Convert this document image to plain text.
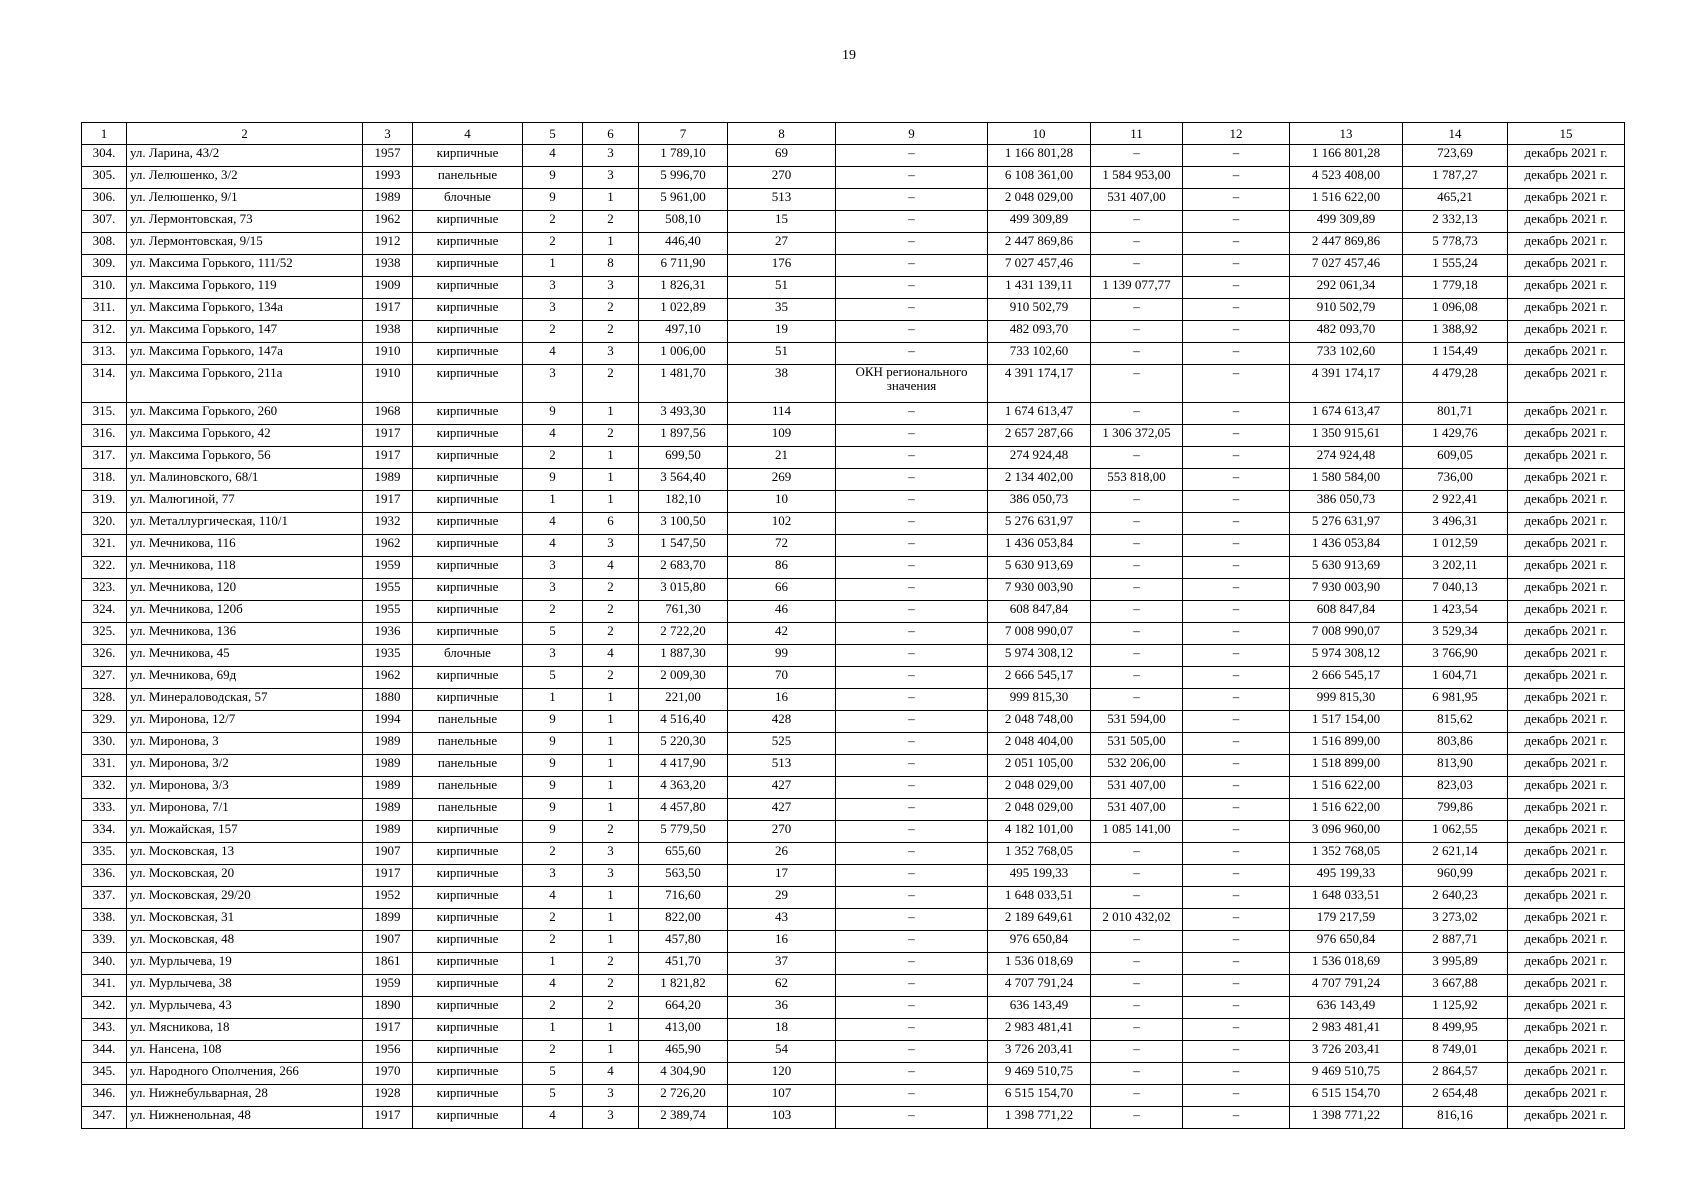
19
1	2	3	4	5	6	7	8	9	10	11	12	13	14	15
304.	ул. Ларина, 43/2	1957	кирпичные	4	3	1 789,10	69	–	1 166 801,28	–	–	1 166 801,28	723,69	декабрь 2021 г.
305.	ул. Лелюшенко, 3/2	1993	панельные	9	3	5 996,70	270	–	6 108 361,00	1 584 953,00	–	4 523 408,00	1 787,27	декабрь 2021 г.
306.	ул. Лелюшенко, 9/1	1989	блочные	9	1	5 961,00	513	–	2 048 029,00	531 407,00	–	1 516 622,00	465,21	декабрь 2021 г.
307.	ул. Лермонтовская, 73	1962	кирпичные	2	2	508,10	15	–	499 309,89	–	–	499 309,89	2 332,13	декабрь 2021 г.
308.	ул. Лермонтовская, 9/15	1912	кирпичные	2	1	446,40	27	–	2 447 869,86	–	–	2 447 869,86	5 778,73	декабрь 2021 г.
309.	ул. Максима Горького, 111/52	1938	кирпичные	1	8	6 711,90	176	–	7 027 457,46	–	–	7 027 457,46	1 555,24	декабрь 2021 г.
310.	ул. Максима Горького, 119	1909	кирпичные	3	3	1 826,31	51	–	1 431 139,11	1 139 077,77	–	292 061,34	1 779,18	декабрь 2021 г.
311.	ул. Максима Горького, 134а	1917	кирпичные	3	2	1 022,89	35	–	910 502,79	–	–	910 502,79	1 096,08	декабрь 2021 г.
312.	ул. Максима Горького, 147	1938	кирпичные	2	2	497,10	19	–	482 093,70	–	–	482 093,70	1 388,92	декабрь 2021 г.
313.	ул. Максима Горького, 147а	1910	кирпичные	4	3	1 006,00	51	–	733 102,60	–	–	733 102,60	1 154,49	декабрь 2021 г.
314.	ул. Максима Горького, 211а	1910	кирпичные	3	2	1 481,70	38	ОКН регионального значения	4 391 174,17	–	–	4 391 174,17	4 479,28	декабрь 2021 г.
315.	ул. Максима Горького, 260	1968	кирпичные	9	1	3 493,30	114	–	1 674 613,47	–	–	1 674 613,47	801,71	декабрь 2021 г.
316.	ул. Максима Горького, 42	1917	кирпичные	4	2	1 897,56	109	–	2 657 287,66	1 306 372,05	–	1 350 915,61	1 429,76	декабрь 2021 г.
317.	ул. Максима Горького, 56	1917	кирпичные	2	1	699,50	21	–	274 924,48	–	–	274 924,48	609,05	декабрь 2021 г.
318.	ул. Малиновского, 68/1	1989	кирпичные	9	1	3 564,40	269	–	2 134 402,00	553 818,00	–	1 580 584,00	736,00	декабрь 2021 г.
319.	ул. Малюгиной, 77	1917	кирпичные	1	1	182,10	10	–	386 050,73	–	–	386 050,73	2 922,41	декабрь 2021 г.
320.	ул. Металлургическая, 110/1	1932	кирпичные	4	6	3 100,50	102	–	5 276 631,97	–	–	5 276 631,97	3 496,31	декабрь 2021 г.
321.	ул. Мечникова, 116	1962	кирпичные	4	3	1 547,50	72	–	1 436 053,84	–	–	1 436 053,84	1 012,59	декабрь 2021 г.
322.	ул. Мечникова, 118	1959	кирпичные	3	4	2 683,70	86	–	5 630 913,69	–	–	5 630 913,69	3 202,11	декабрь 2021 г.
323.	ул. Мечникова, 120	1955	кирпичные	3	2	3 015,80	66	–	7 930 003,90	–	–	7 930 003,90	7 040,13	декабрь 2021 г.
324.	ул. Мечникова, 120б	1955	кирпичные	2	2	761,30	46	–	608 847,84	–	–	608 847,84	1 423,54	декабрь 2021 г.
325.	ул. Мечникова, 136	1936	кирпичные	5	2	2 722,20	42	–	7 008 990,07	–	–	7 008 990,07	3 529,34	декабрь 2021 г.
326.	ул. Мечникова, 45	1935	блочные	3	4	1 887,30	99	–	5 974 308,12	–	–	5 974 308,12	3 766,90	декабрь 2021 г.
327.	ул. Мечникова, 69д	1962	кирпичные	5	2	2 009,30	70	–	2 666 545,17	–	–	2 666 545,17	1 604,71	декабрь 2021 г.
328.	ул. Минераловодская, 57	1880	кирпичные	1	1	221,00	16	–	999 815,30	–	–	999 815,30	6 981,95	декабрь 2021 г.
329.	ул. Миронова, 12/7	1994	панельные	9	1	4 516,40	428	–	2 048 748,00	531 594,00	–	1 517 154,00	815,62	декабрь 2021 г.
330.	ул. Миронова, 3	1989	панельные	9	1	5 220,30	525	–	2 048 404,00	531 505,00	–	1 516 899,00	803,86	декабрь 2021 г.
331.	ул. Миронова, 3/2	1989	панельные	9	1	4 417,90	513	–	2 051 105,00	532 206,00	–	1 518 899,00	813,90	декабрь 2021 г.
332.	ул. Миронова, 3/3	1989	панельные	9	1	4 363,20	427	–	2 048 029,00	531 407,00	–	1 516 622,00	823,03	декабрь 2021 г.
333.	ул. Миронова, 7/1	1989	панельные	9	1	4 457,80	427	–	2 048 029,00	531 407,00	–	1 516 622,00	799,86	декабрь 2021 г.
334.	ул. Можайская, 157	1989	кирпичные	9	2	5 779,50	270	–	4 182 101,00	1 085 141,00	–	3 096 960,00	1 062,55	декабрь 2021 г.
335.	ул. Московская, 13	1907	кирпичные	2	3	655,60	26	–	1 352 768,05	–	–	1 352 768,05	2 621,14	декабрь 2021 г.
336.	ул. Московская, 20	1917	кирпичные	3	3	563,50	17	–	495 199,33	–	–	495 199,33	960,99	декабрь 2021 г.
337.	ул. Московская, 29/20	1952	кирпичные	4	1	716,60	29	–	1 648 033,51	–	–	1 648 033,51	2 640,23	декабрь 2021 г.
338.	ул. Московская, 31	1899	кирпичные	2	1	822,00	43	–	2 189 649,61	2 010 432,02	–	179 217,59	3 273,02	декабрь 2021 г.
339.	ул. Московская, 48	1907	кирпичные	2	1	457,80	16	–	976 650,84	–	–	976 650,84	2 887,71	декабрь 2021 г.
340.	ул. Мурлычева, 19	1861	кирпичные	1	2	451,70	37	–	1 536 018,69	–	–	1 536 018,69	3 995,89	декабрь 2021 г.
341.	ул. Мурлычева, 38	1959	кирпичные	4	2	1 821,82	62	–	4 707 791,24	–	–	4 707 791,24	3 667,88	декабрь 2021 г.
342.	ул. Мурлычева, 43	1890	кирпичные	2	2	664,20	36	–	636 143,49	–	–	636 143,49	1 125,92	декабрь 2021 г.
343.	ул. Мясникова, 18	1917	кирпичные	1	1	413,00	18	–	2 983 481,41	–	–	2 983 481,41	8 499,95	декабрь 2021 г.
344.	ул. Нансена, 108	1956	кирпичные	2	1	465,90	54	–	3 726 203,41	–	–	3 726 203,41	8 749,01	декабрь 2021 г.
345.	ул. Народного Ополчения, 266	1970	кирпичные	5	4	4 304,90	120	–	9 469 510,75	–	–	9 469 510,75	2 864,57	декабрь 2021 г.
346.	ул. Нижнебульварная, 28	1928	кирпичные	5	3	2 726,20	107	–	6 515 154,70	–	–	6 515 154,70	2 654,48	декабрь 2021 г.
347.	ул. Нижненольная, 48	1917	кирпичные	4	3	2 389,74	103	–	1 398 771,22	–	–	1 398 771,22	816,16	декабрь 2021 г.
